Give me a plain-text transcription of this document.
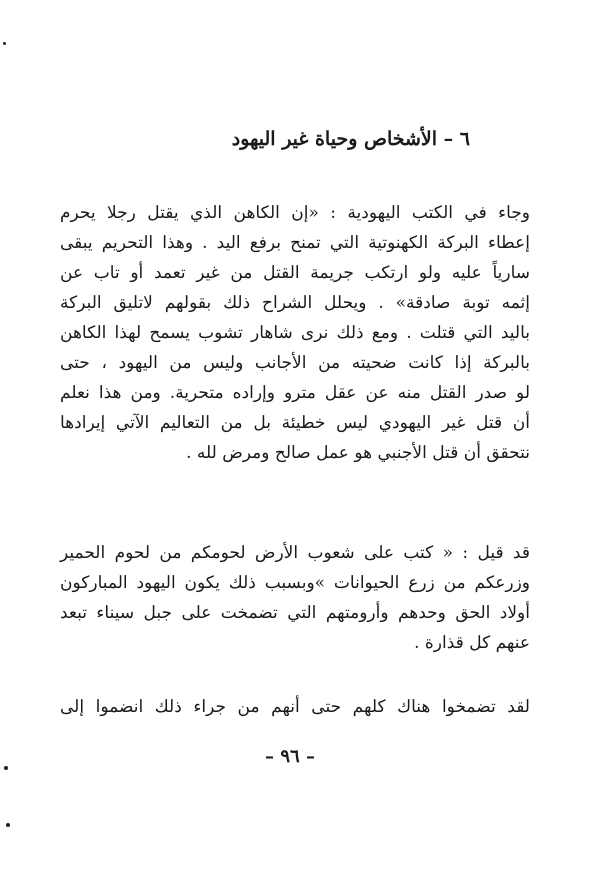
٦ – الأشخاص وحياة غير اليهود
وجاء في الكتب اليهودية : «إن الكاهن الذي يقتل رجلا يحرم
إعطاء البركة الكهنوتية التي تمنح برفع اليد . وهذا التحريم يبقى
سارياً عليه ولو ارتكب جريمة القتل من غير تعمد أو تاب عن
إثمه توبة صادقة» . ويحلل الشراح ذلك بقولهم لاتليق البركة
باليد التي قتلت . ومع ذلك نرى شاهار تشوب يسمح لهذا الكاهن
بالبركة إذا كانت ضحيته من الأجانب وليس من اليهود ، حتى
لو صدر القتل منه عن عقل مترو وإراده متحرية. ومن هذا نعلم
أن قتل غير اليهودي ليس خطيئة بل من التعاليم الآتي إيرادها
نتحقق أن قتل الأجنبي هو عمل صالح ومرض لله .
قد قيل : « كتب على شعوب الأرض لحومكم من لحوم الحمير
وزرعكم من زرع الحيوانات »وبسبب ذلك يكون اليهود المباركون
أولاد الحق وحدهم وأرومتهم التي تضمخت على جبل سيناء تبعد
عنهم كل قذارة .
لقد تضمخوا هناك كلهم حتى أنهم من جراء ذلك انضموا إلى
– ٩٦ –
